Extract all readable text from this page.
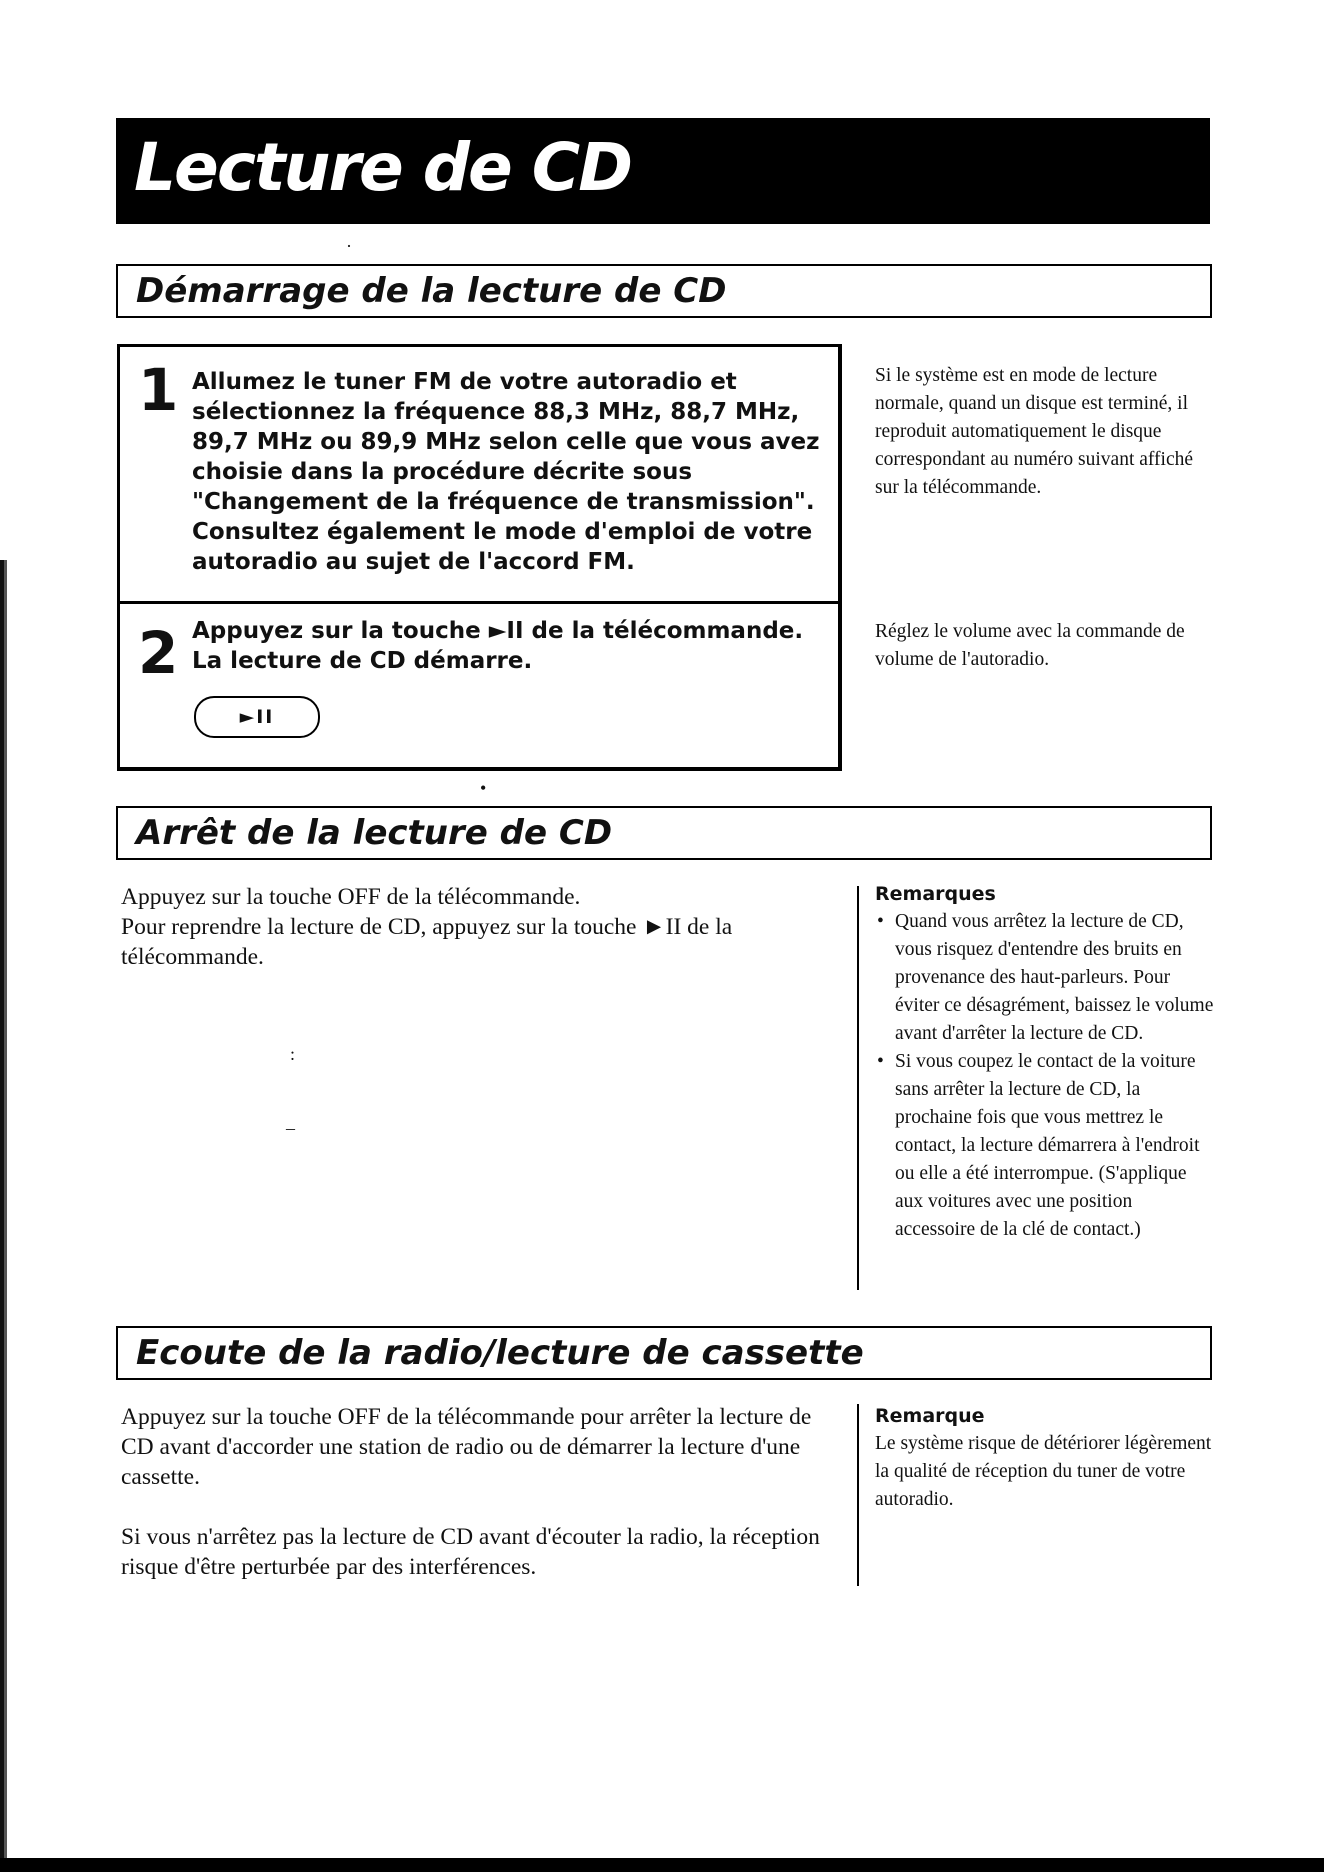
Lecture de CD
·
Démarrage de la lecture de CD
1 Allumez le tuner FM de votre autoradio et sélectionnez la fréquence 88,3 MHz, 88,7 MHz, 89,7 MHz ou 89,9 MHz selon celle que vous avez choisie dans la procédure décrite sous "Changement de la fréquence de transmission". Consultez également le mode d'emploi de votre autoradio au sujet de l'accord FM.
2 Appuyez sur la touche ►II de la télécommande. La lecture de CD démarre.
►II
Si le système est en mode de lecture normale, quand un disque est terminé, il reproduit automatiquement le disque correspondant au numéro suivant affiché sur la télécommande.
Réglez le volume avec la commande de volume de l'autoradio.
•
Arrêt de la lecture de CD
Appuyez sur la touche OFF de la télécommande.
Pour reprendre la lecture de CD, appuyez sur la touche ►II de la télécommande.
:
–
Remarques
• Quand vous arrêtez la lecture de CD, vous risquez d'entendre des bruits en provenance des haut-parleurs. Pour éviter ce désagrément, baissez le volume avant d'arrêter la lecture de CD.
• Si vous coupez le contact de la voiture sans arrêter la lecture de CD, la prochaine fois que vous mettrez le contact, la lecture démarrera à l'endroit ou elle a été interrompue. (S'applique aux voitures avec une position accessoire de la clé de contact.)
Ecoute de la radio/lecture de cassette

Appuyez sur la touche OFF de la télécommande pour arrêter la lecture de CD avant d'accorder une station de radio ou de démarrer la lecture d'une cassette.

Si vous n'arrêtez pas la lecture de CD avant d'écouter la radio, la réception risque d'être perturbée par des interférences.

Remarque
Le système risque de détériorer légèrement la qualité de réception du tuner de votre autoradio.
